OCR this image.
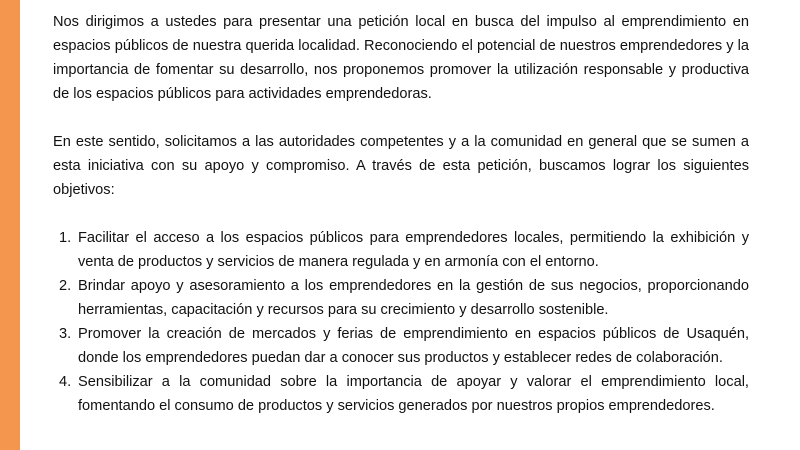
Nos dirigimos a ustedes para presentar una petición local en busca del impulso al emprendimiento en espacios públicos de nuestra querida localidad. Reconociendo el potencial de nuestros emprendedores y la importancia de fomentar su desarrollo, nos proponemos promover la utilización responsable y productiva de los espacios públicos para actividades emprendedoras.

En este sentido, solicitamos a las autoridades competentes y a la comunidad en general que se sumen a esta iniciativa con su apoyo y compromiso. A través de esta petición, buscamos lograr los siguientes objetivos:

1. Facilitar el acceso a los espacios públicos para emprendedores locales, permitiendo la exhibición y venta de productos y servicios de manera regulada y en armonía con el entorno.
2. Brindar apoyo y asesoramiento a los emprendedores en la gestión de sus negocios, proporcionando herramientas, capacitación y recursos para su crecimiento y desarrollo sostenible.
3. Promover la creación de mercados y ferias de emprendimiento en espacios públicos de Usaquén, donde los emprendedores puedan dar a conocer sus productos y establecer redes de colaboración.
4. Sensibilizar a la comunidad sobre la importancia de apoyar y valorar el emprendimiento local, fomentando el consumo de productos y servicios generados por nuestros propios emprendedores.
